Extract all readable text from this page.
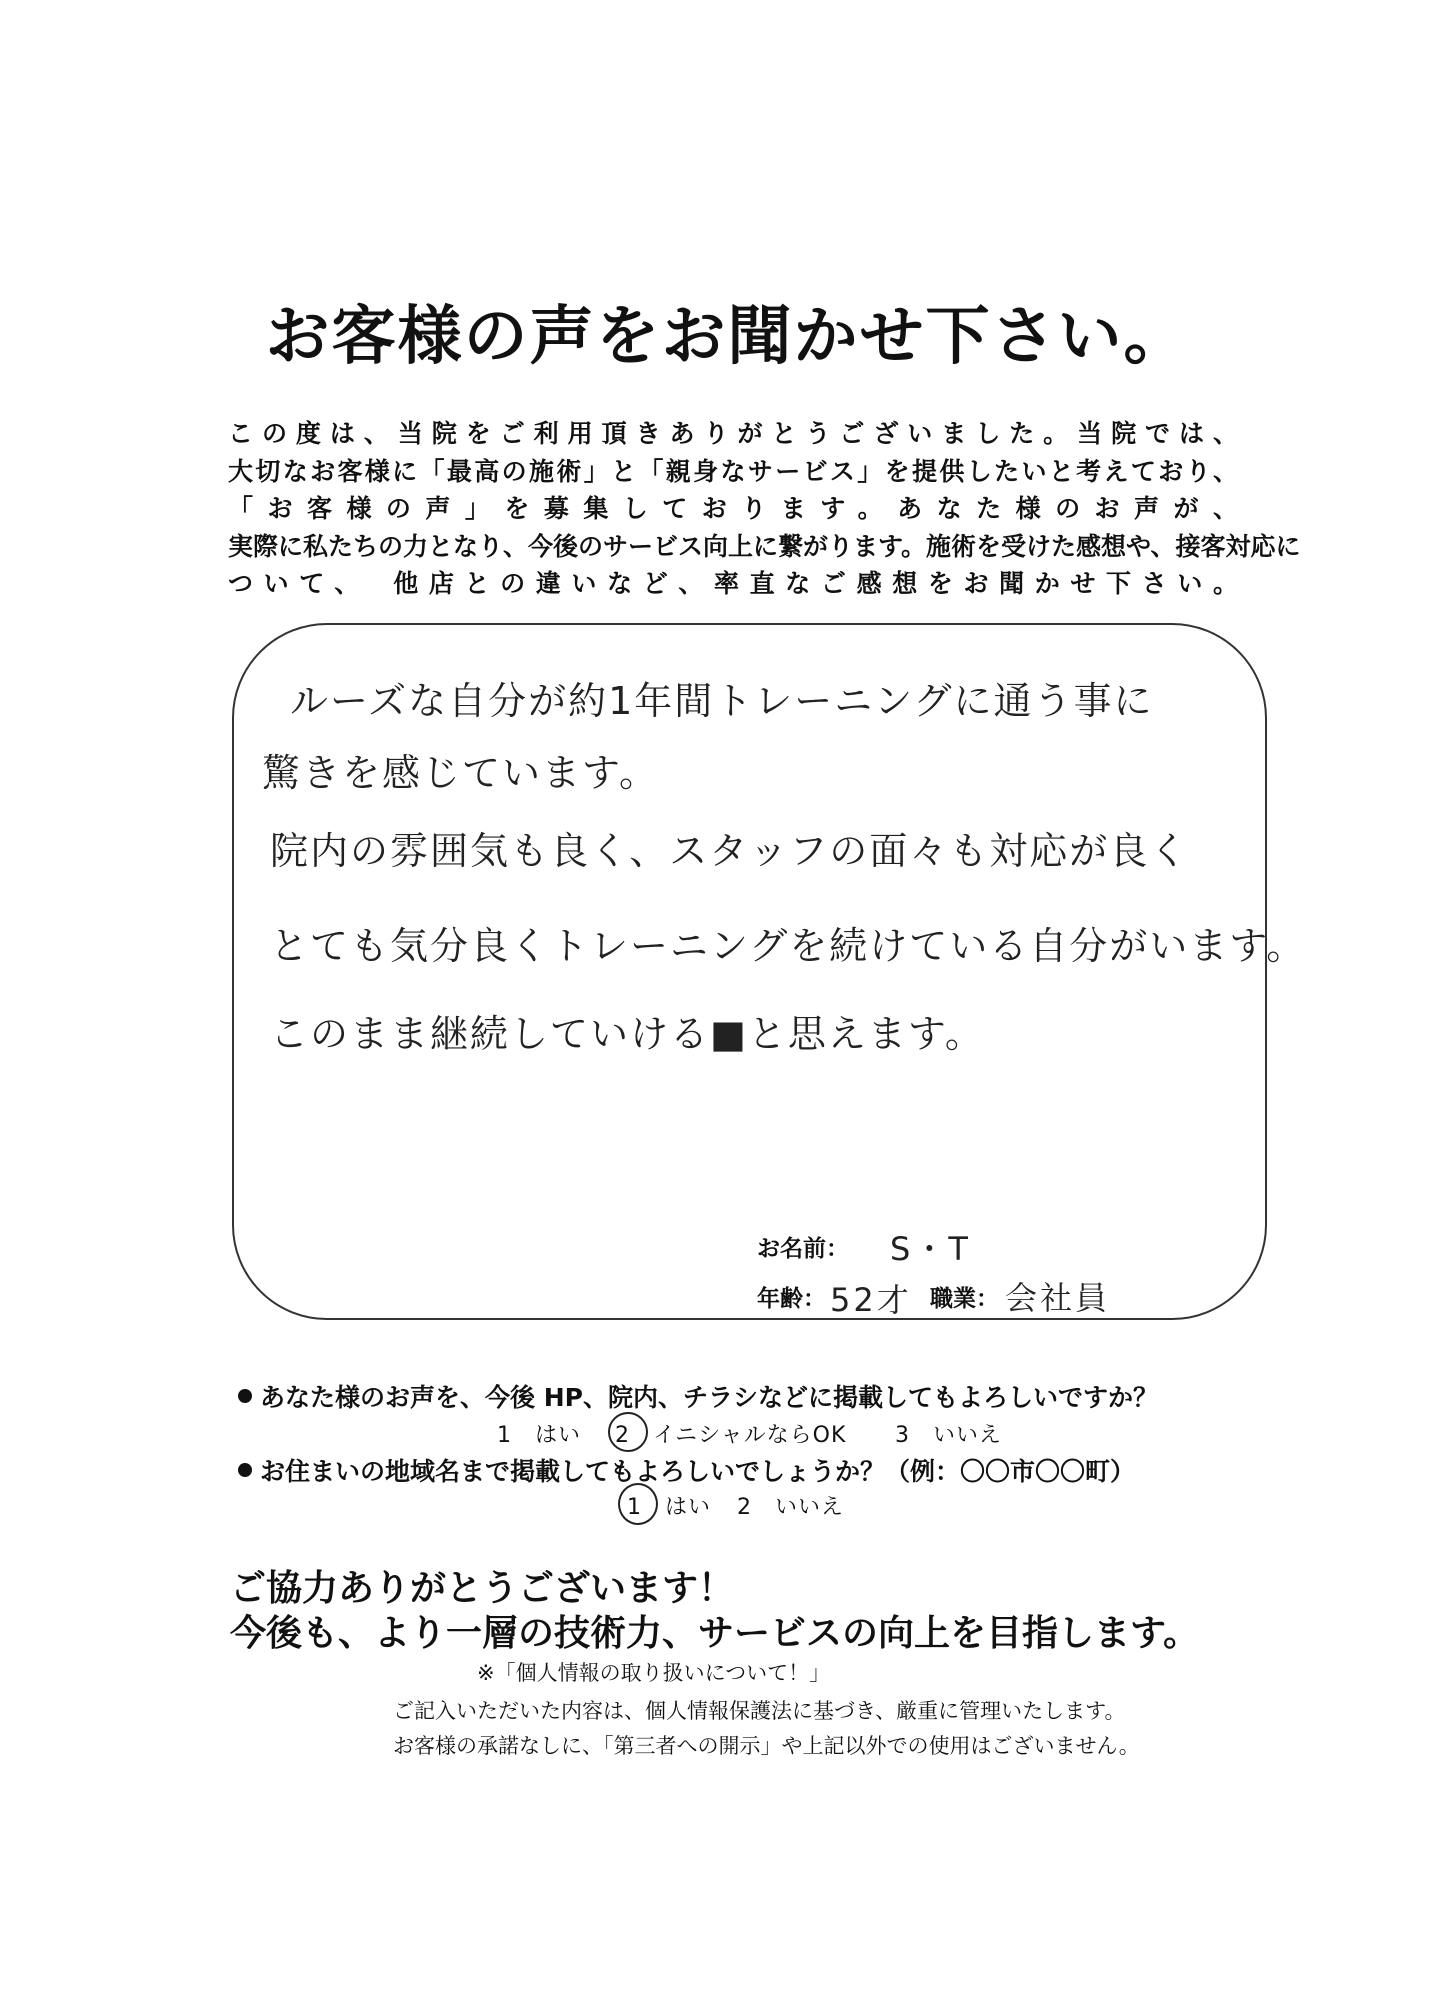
お客様の声をお聞かせ下さい。
この度は、当院をご利用頂きありがとうございました。当院では、
大切なお客様に「最高の施術」と「親身なサービス」を提供したいと考えており、
「お客様の声」を募集しております。あなた様のお声が、
実際に私たちの力となり、今後のサービス向上に繋がります。施術を受けた感想や、接客対応に
ついて、　他店との違いなど、率直なご感想をお聞かせ下さい。
ルーズな自分が約1年間トレーニングに通う事に
驚きを感じています。
院内の雰囲気も良く、スタッフの面々も対応が良く
とても気分良くトレーニングを続けている自分がいます。
このまま継続していける■と思えます。
お名前： S・T
年齢： 52才 職業： 会社員
あなた様のお声を、今後 HP、院内、チラシなどに掲載してもよろしいですか？
1　はい 2　イニシャルならOK 3　いいえ
お住まいの地域名まで掲載してもよろしいでしょうか？（例：〇〇市〇〇町）
1　はい 2　いいえ
ご協力ありがとうございます！
今後も、より一層の技術力、サービスの向上を目指します。
※「個人情報の取り扱いについて！」
ご記入いただいた内容は、個人情報保護法に基づき、厳重に管理いたします。
お客様の承諾なしに、「第三者への開示」や上記以外での使用はございません。
